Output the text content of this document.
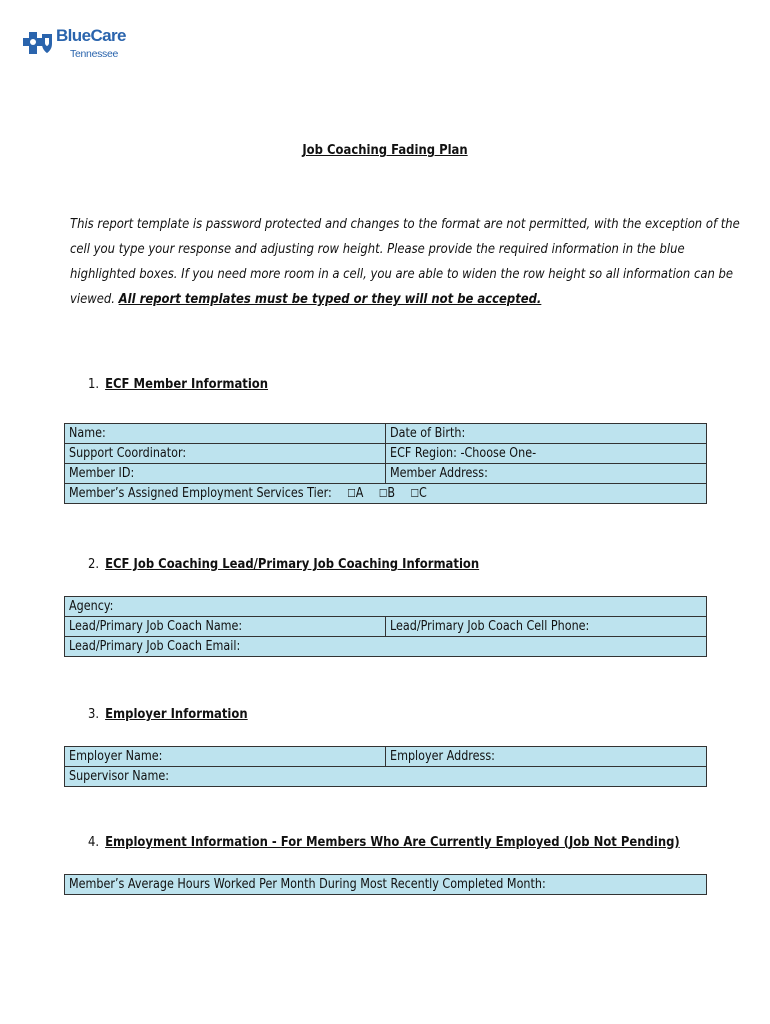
BlueCare
Tennessee
Job Coaching Fading Plan
This report template is password protected and changes to the format are not permitted, with the exception of the
cell you type your response and adjusting row height. Please provide the required information in the blue
highlighted boxes. If you need more room in a cell, you are able to widen the row height so all information can be
viewed. All report templates must be typed or they will not be accepted.
1. ECF Member Information
Name:	Date of Birth:
Support Coordinator:	ECF Region: -Choose One-
Member ID:	Member Address:
Member’s Assigned Employment Services Tier: ☐A ☐B ☐C	
2. ECF Job Coaching Lead/Primary Job Coaching Information
Agency:
Lead/Primary Job Coach Name:	Lead/Primary Job Coach Cell Phone:
Lead/Primary Job Coach Email:
3. Employer Information
Employer Name:	Employer Address:
Supervisor Name:
4. Employment Information - For Members Who Are Currently Employed (Job Not Pending)
Member’s Average Hours Worked Per Month During Most Recently Completed Month:
